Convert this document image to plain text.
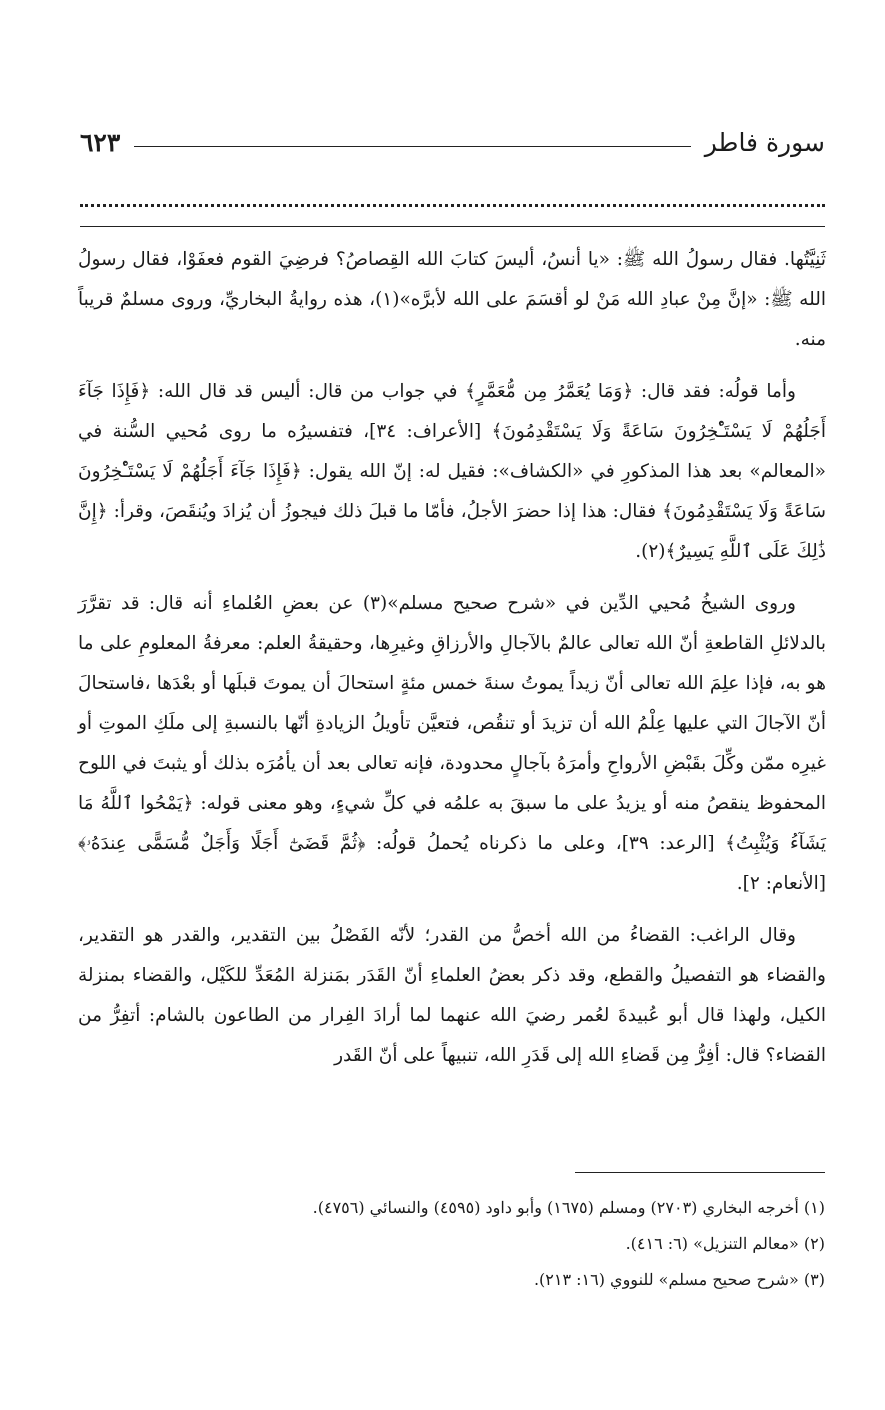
سورة فاطر
٦٢٣

ثَنِيَّتُها. فقال رسولُ الله ﷺ: «يا أنسُ، أليسَ كتابَ الله القِصاصُ؟ فرضِيَ القوم فعفَوْا، فقال رسولُ الله ﷺ: «إنَّ مِنْ عبادِ الله مَنْ لو أقسَمَ على الله لأبرَّه»(١)، هذه روايةُ البخاريِّ، وروى مسلمٌ قريباً منه.

وأما قولُه: فقد قال: ﴿وَمَا يُعَمَّرُ مِن مُّعَمَّرٍ﴾ في جواب من قال: أليس قد قال الله: ﴿فَإِذَا جَآءَ أَجَلُهُمْ لَا يَسْتَـْٔخِرُونَ سَاعَةً وَلَا يَسْتَقْدِمُونَ﴾ [الأعراف: ٣٤]، فتفسيرُه ما روى مُحيي السُّنة في «المعالم» بعد هذا المذكورِ في «الكشاف»: فقيل له: إنّ الله يقول: ﴿فَإِذَا جَآءَ أَجَلُهُمْ لَا يَسْتَـْٔخِرُونَ سَاعَةً وَلَا يَسْتَقْدِمُونَ﴾ فقال: هذا إذا حضرَ الأجلُ، فأمّا ما قبلَ ذلك فيجوزُ أن يُزادَ ويُنقَصَ، وقرأ: ﴿إِنَّ ذَٰلِكَ عَلَى ٱللَّهِ يَسِيرٌ﴾(٢).

وروى الشيخُ مُحيي الدِّين في «شرح صحيح مسلم»(٣) عن بعضِ العُلماءِ أنه قال: قد تقرَّرَ بالدلائلِ القاطعةِ أنّ الله تعالى عالمٌ بالآجالِ والأرزاقِ وغيرِها، وحقيقةُ العلم: معرفةُ المعلومِ على ما هو به، فإذا علِمَ الله تعالى أنّ زيداً يموتُ سنةَ خمس مئةٍ استحالَ أن يموتَ قبلَها أو بعْدَها ،فاستحالَ أنّ الآجالَ التي عليها عِلْمُ الله أن تزيدَ أو تنقُص، فتعيَّن تأويلُ الزيادةِ أنّها بالنسبةِ إلى ملَكِ الموتِ أو غيرِه ممّن وكِّلَ بقَبْضِ الأرواحِ وأمرَهُ بآجالٍ محدودة، فإنه تعالى بعد أن يأمُرَه بذلك أو يثبتَ في اللوح المحفوظ ينقصُ منه أو يزيدُ على ما سبقَ به علمُه في كلِّ شيءٍ، وهو معنى قوله: ﴿يَمْحُوا ٱللَّهُ مَا يَشَآءُ وَيُثْبِتُ﴾ [الرعد: ٣٩]، وعلى ما ذكرناه يُحملُ قولُه: ﴿ثُمَّ قَضَىٰٓ أَجَلًا وَأَجَلٌ مُّسَمًّى عِندَهُۥ﴾ [الأنعام: ٢].

وقال الراغب: القضاءُ من الله أخصُّ من القدر؛ لأنّه الفَصْلُ بين التقدير، والقدر هو التقدير، والقضاء هو التفصيلُ والقطع، وقد ذكر بعضُ العلماءِ أنّ القَدَر بمَنزلة المُعَدِّ للكَيْل، والقضاء بمنزلة الكيل، ولهذا قال أبو عُبيدةَ لعُمر رضيَ الله عنهما لما أرادَ الفِرار من الطاعون بالشام: أتفِرُّ من القضاء؟ قال: أفِرُّ مِن قَضاءِ الله إلى قَدَرِ الله، تنبيهاً على أنّ القَدر

(١) أخرجه البخاري (٢٧٠٣) ومسلم (١٦٧٥) وأبو داود (٤٥٩٥) والنسائي (٤٧٥٦).

(٢) «معالم التنزيل» (٦: ٤١٦).

(٣) «شرح صحيح مسلم» للنووي (١٦: ٢١٣).
